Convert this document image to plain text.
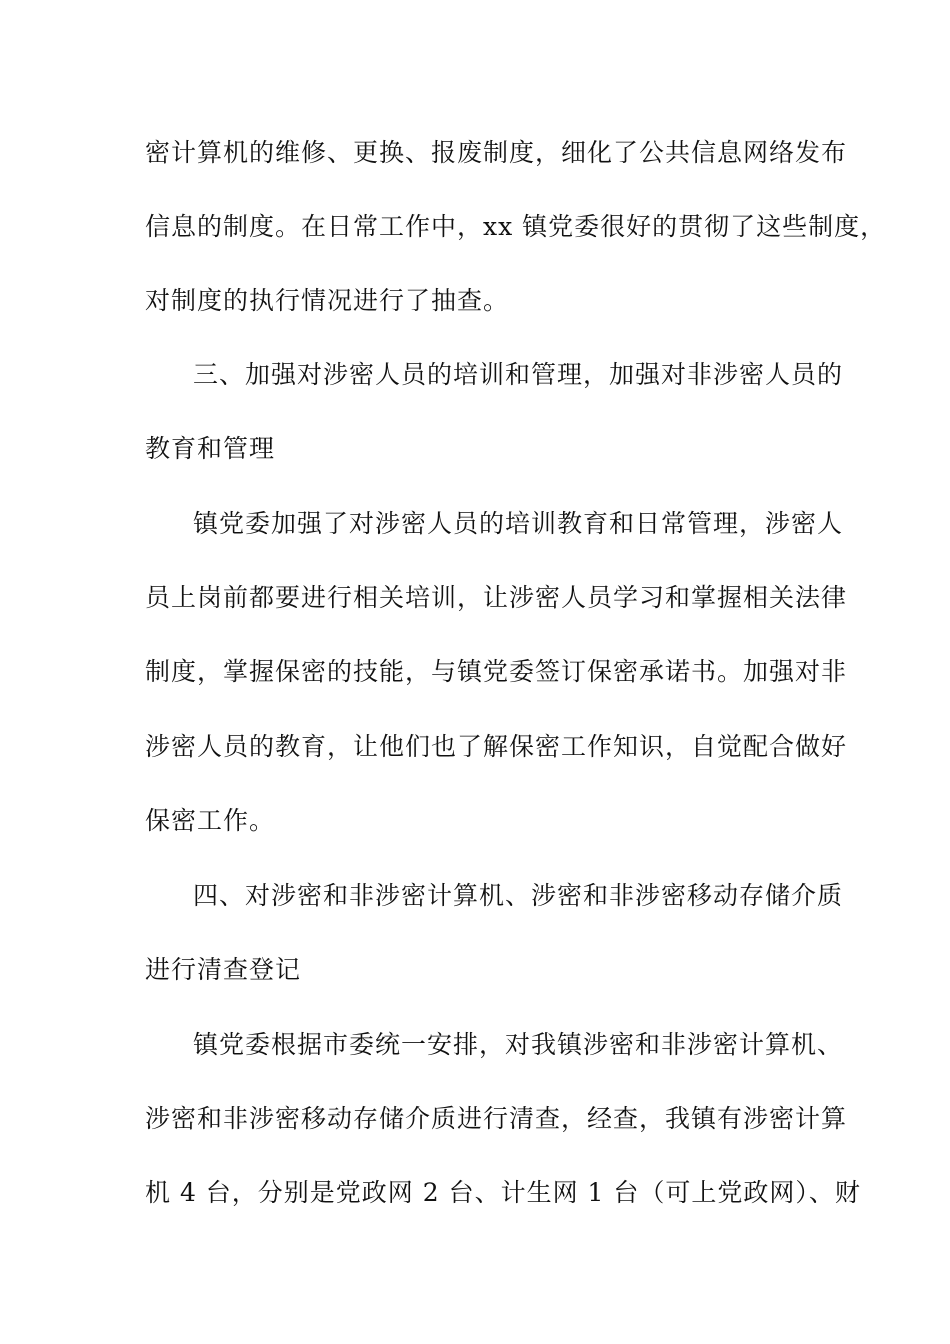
密计算机的维修、更换、报废制度，细化了公共信息网络发布
信息的制度。在日常工作中，xx 镇党委很好的贯彻了这些制度，
对制度的执行情况进行了抽查。
三、加强对涉密人员的培训和管理，加强对非涉密人员的
教育和管理
镇党委加强了对涉密人员的培训教育和日常管理，涉密人
员上岗前都要进行相关培训，让涉密人员学习和掌握相关法律
制度，掌握保密的技能，与镇党委签订保密承诺书。加强对非
涉密人员的教育，让他们也了解保密工作知识，自觉配合做好
保密工作。
四、对涉密和非涉密计算机、涉密和非涉密移动存储介质
进行清查登记
镇党委根据市委统一安排，对我镇涉密和非涉密计算机、
涉密和非涉密移动存储介质进行清查，经查，我镇有涉密计算
机 4 台，分别是党政网 2 台、计生网 1 台（可上党政网）、财
